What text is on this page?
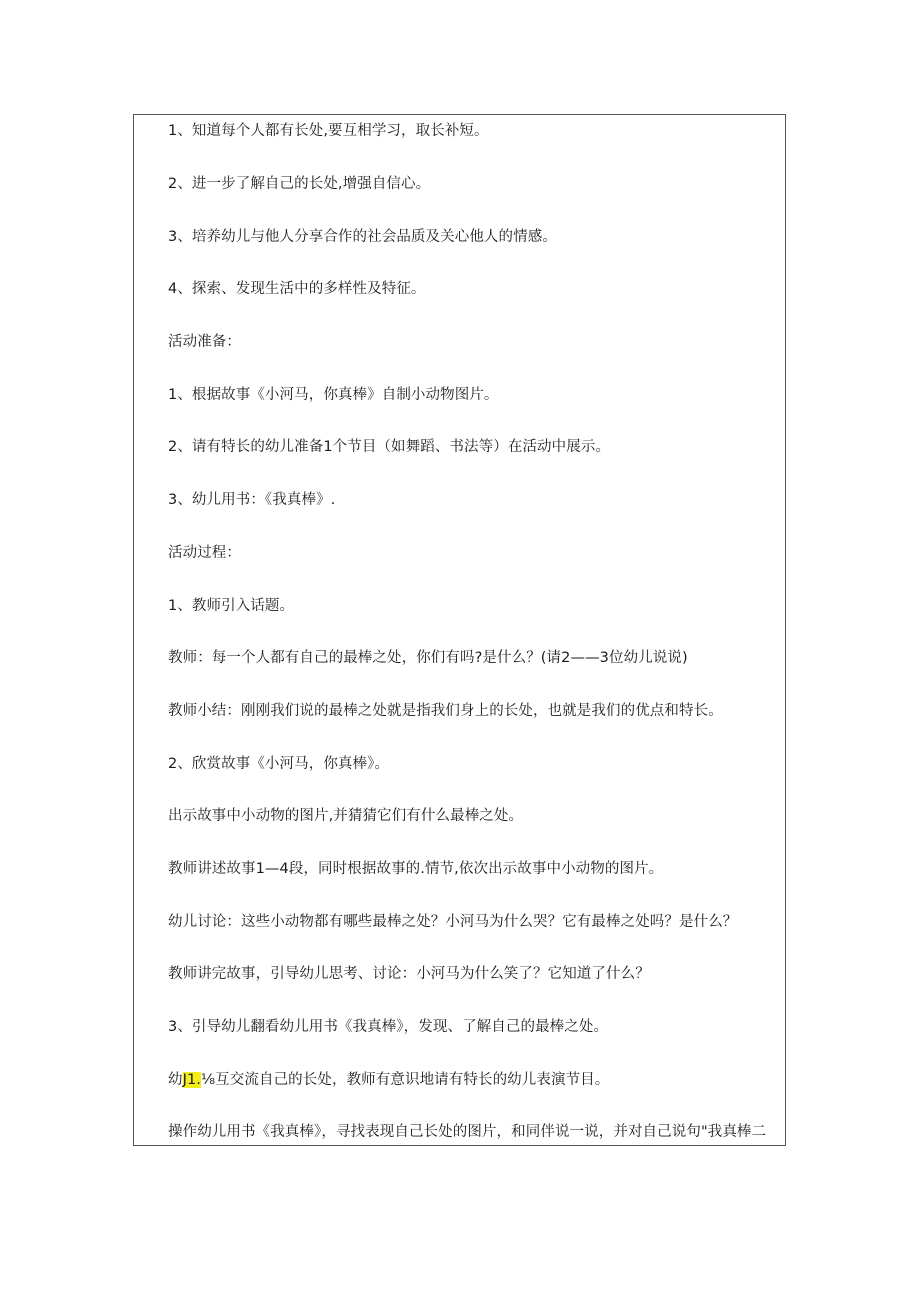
1、知道每个人都有长处,要互相学习，取长补短。

2、进一步了解自己的长处,增强自信心。

3、培养幼儿与他人分享合作的社会品质及关心他人的情感。

4、探索、发现生活中的多样性及特征。

活动准备：

1、根据故事《小河马，你真棒》自制小动物图片。

2、请有特长的幼儿准备1个节目（如舞蹈、书法等）在活动中展示。

3、幼儿用书：《我真棒》.

活动过程：

1、教师引入话题。

教师：每一个人都有自己的最棒之处，你们有吗?是什么？(请2——3位幼儿说说)

教师小结：刚刚我们说的最棒之处就是指我们身上的长处，也就是我们的优点和特长。

2、欣赏故事《小河马，你真棒》。

出示故事中小动物的图片,并猜猜它们有什么最棒之处。

教师讲述故事1—4段，同时根据故事的.情节,依次出示故事中小动物的图片。

幼儿讨论：这些小动物都有哪些最棒之处？小河马为什么哭？它有最棒之处吗？是什么？

教师讲完故事，引导幼儿思考、讨论：小河马为什么笑了？它知道了什么？

3、引导幼儿翻看幼儿用书《我真棒》，发现、了解自己的最棒之处。

幼J1.⅛互交流自己的长处，教师有意识地请有特长的幼儿表演节目。

操作幼儿用书《我真棒》，寻找表现自己长处的图片，和同伴说一说，并对自己说句"我真棒二
